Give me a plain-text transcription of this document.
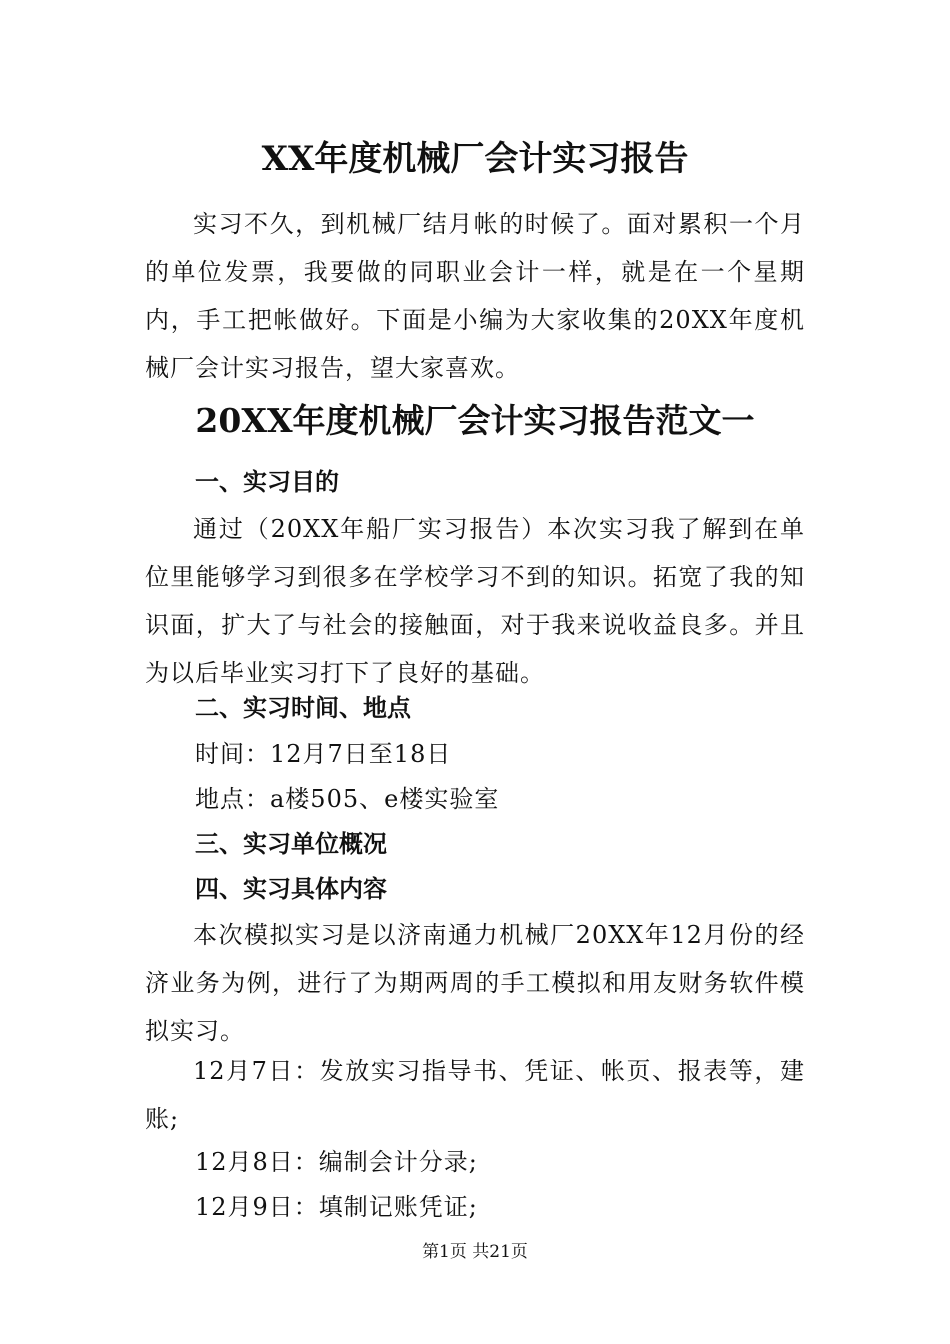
XX年度机械厂会计实习报告

实习不久，到机械厂结月帐的时候了。面对累积一个月的单位发票，我要做的同职业会计一样，就是在一个星期内，手工把帐做好。下面是小编为大家收集的20XX年度机械厂会计实习报告，望大家喜欢。

20XX年度机械厂会计实习报告范文一
一、实习目的

通过（20XX年船厂实习报告）本次实习我了解到在单位里能够学习到很多在学校学习不到的知识。拓宽了我的知识面，扩大了与社会的接触面，对于我来说收益良多。并且为以后毕业实习打下了良好的基础。

二、实习时间、地点
时间：12月7日至18日
地点：a楼505、e楼实验室
三、实习单位概况
四、实习具体内容

本次模拟实习是以济南通力机械厂20XX年12月份的经济业务为例，进行了为期两周的手工模拟和用友财务软件模拟实习。

12月7日：发放实习指导书、凭证、帐页、报表等，建账;

12月8日：编制会计分录;
12月9日：填制记账凭证;
第1页 共21页
